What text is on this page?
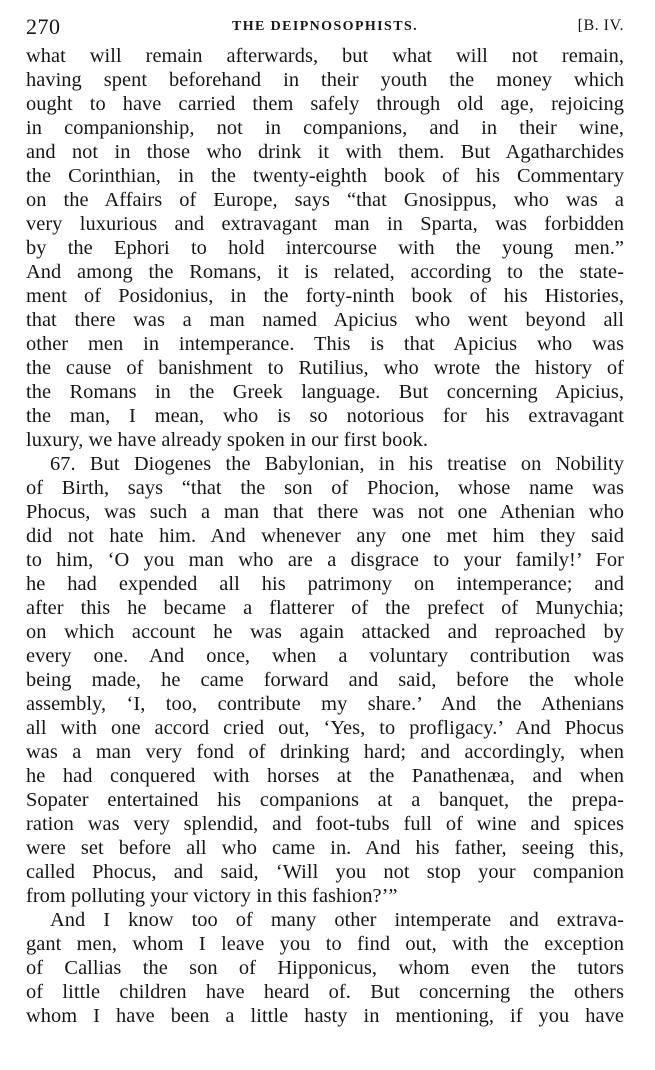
270	THE DEIPNOSOPHISTS.	[B. IV.
what will remain afterwards, but what will not remain,
having spent beforehand in their youth the money which
ought to have carried them safely through old age, rejoicing
in companionship, not in companions, and in their wine,
and not in those who drink it with them. But Agatharchides
the Corinthian, in the twenty-eighth book of his Commentary
on the Affairs of Europe, says “that Gnosippus, who was a
very luxurious and extravagant man in Sparta, was forbidden
by the Ephori to hold intercourse with the young men.”
And among the Romans, it is related, according to the state-
ment of Posidonius, in the forty-ninth book of his Histories,
that there was a man named Apicius who went beyond all
other men in intemperance. This is that Apicius who was
the cause of banishment to Rutilius, who wrote the history of
the Romans in the Greek language. But concerning Apicius,
the man, I mean, who is so notorious for his extravagant
luxury, we have already spoken in our first book.
67. But Diogenes the Babylonian, in his treatise on Nobility
of Birth, says “that the son of Phocion, whose name was
Phocus, was such a man that there was not one Athenian who
did not hate him. And whenever any one met him they said
to him, ‘O you man who are a disgrace to your family!’ For
he had expended all his patrimony on intemperance; and
after this he became a flatterer of the prefect of Munychia;
on which account he was again attacked and reproached by
every one. And once, when a voluntary contribution was
being made, he came forward and said, before the whole
assembly, ‘I, too, contribute my share.’ And the Athenians
all with one accord cried out, ‘Yes, to profligacy.’ And Phocus
was a man very fond of drinking hard; and accordingly, when
he had conquered with horses at the Panathenæa, and when
Sopater entertained his companions at a banquet, the prepa-
ration was very splendid, and foot-tubs full of wine and spices
were set before all who came in. And his father, seeing this,
called Phocus, and said, ‘Will you not stop your companion
from polluting your victory in this fashion?’”
And I know too of many other intemperate and extrava-
gant men, whom I leave you to find out, with the exception
of Callias the son of Hipponicus, whom even the tutors
of little children have heard of. But concerning the others
whom I have been a little hasty in mentioning, if you have
